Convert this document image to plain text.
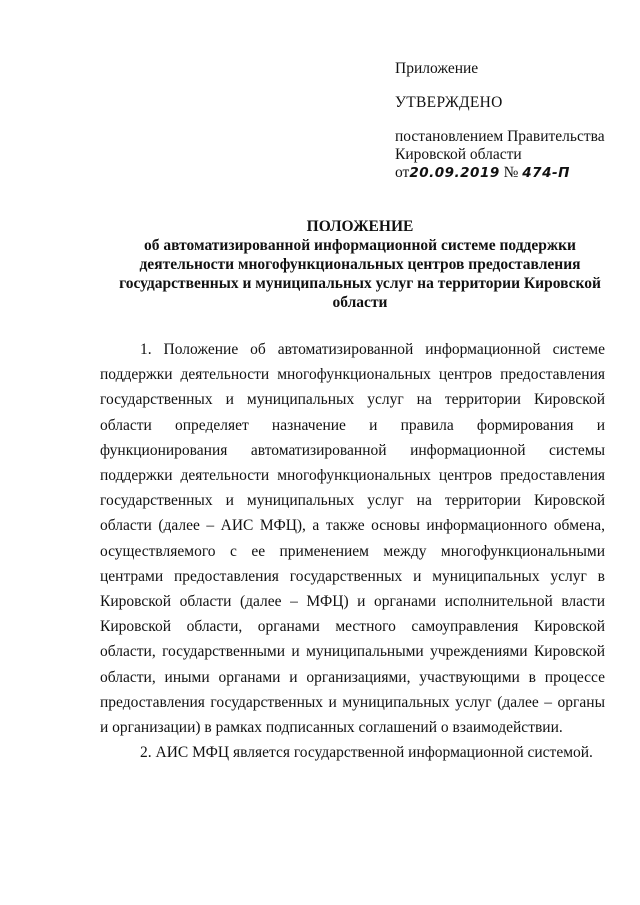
Приложение
УТВЕРЖДЕНО
постановлением Правительства
Кировской области
от20.09.2019 № 474-П
ПОЛОЖЕНИЕ
об автоматизированной информационной системе поддержки деятельности многофункциональных центров предоставления государственных и муниципальных услуг на территории Кировской области

1. Положение об автоматизированной информационной системе поддержки деятельности многофункциональных центров предоставления государственных и муниципальных услуг на территории Кировской области определяет назначение и правила формирования и функционирования автоматизированной информационной системы поддержки деятельности многофункциональных центров предоставления государственных и муниципальных услуг на территории Кировской области (далее – АИС МФЦ), а также основы информационного обмена, осуществляемого с ее применением между многофункциональными центрами предоставления государственных и муниципальных услуг в Кировской области (далее – МФЦ) и органами исполнительной власти Кировской области, органами местного самоуправления Кировской области, государственными и муниципальными учреждениями Кировской области, иными органами и организациями, участвующими в процессе предоставления государственных и муниципальных услуг (далее – органы и организации) в рамках подписанных соглашений о взаимодействии.

2. АИС МФЦ является государственной информационной системой.
